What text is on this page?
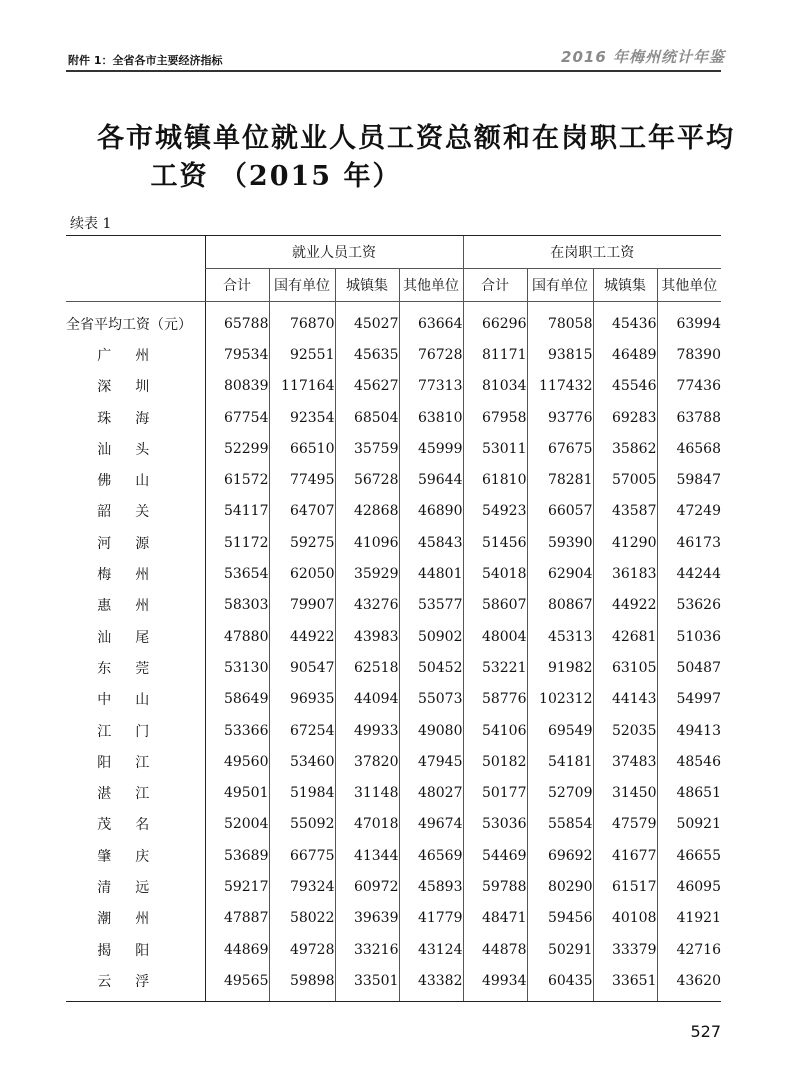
附件 1：全省各市主要经济指标	2016 年梅州统计年鉴
各市城镇单位就业人员工资总额和在岗职工年平均

工资 （2015 年）
续表 1
	就业人员工资				在岗职工工资			
	合计	国有单位	城镇集	其他单位	合计	国有单位	城镇集	其他单位
全省平均工资（元）	65788	76870	45027	63664	66296	78058	45436	63994
广州	79534	92551	45635	76728	81171	93815	46489	78390
深圳	80839	117164	45627	77313	81034	117432	45546	77436
珠海	67754	92354	68504	63810	67958	93776	69283	63788
汕头	52299	66510	35759	45999	53011	67675	35862	46568
佛山	61572	77495	56728	59644	61810	78281	57005	59847
韶关	54117	64707	42868	46890	54923	66057	43587	47249
河源	51172	59275	41096	45843	51456	59390	41290	46173
梅州	53654	62050	35929	44801	54018	62904	36183	44244
惠州	58303	79907	43276	53577	58607	80867	44922	53626
汕尾	47880	44922	43983	50902	48004	45313	42681	51036
东莞	53130	90547	62518	50452	53221	91982	63105	50487
中山	58649	96935	44094	55073	58776	102312	44143	54997
江门	53366	67254	49933	49080	54106	69549	52035	49413
阳江	49560	53460	37820	47945	50182	54181	37483	48546
湛江	49501	51984	31148	48027	50177	52709	31450	48651
茂名	52004	55092	47018	49674	53036	55854	47579	50921
肇庆	53689	66775	41344	46569	54469	69692	41677	46655
清远	59217	79324	60972	45893	59788	80290	61517	46095
潮州	47887	58022	39639	41779	48471	59456	40108	41921
揭阳	44869	49728	33216	43124	44878	50291	33379	42716
云浮	49565	59898	33501	43382	49934	60435	33651	43620
527
